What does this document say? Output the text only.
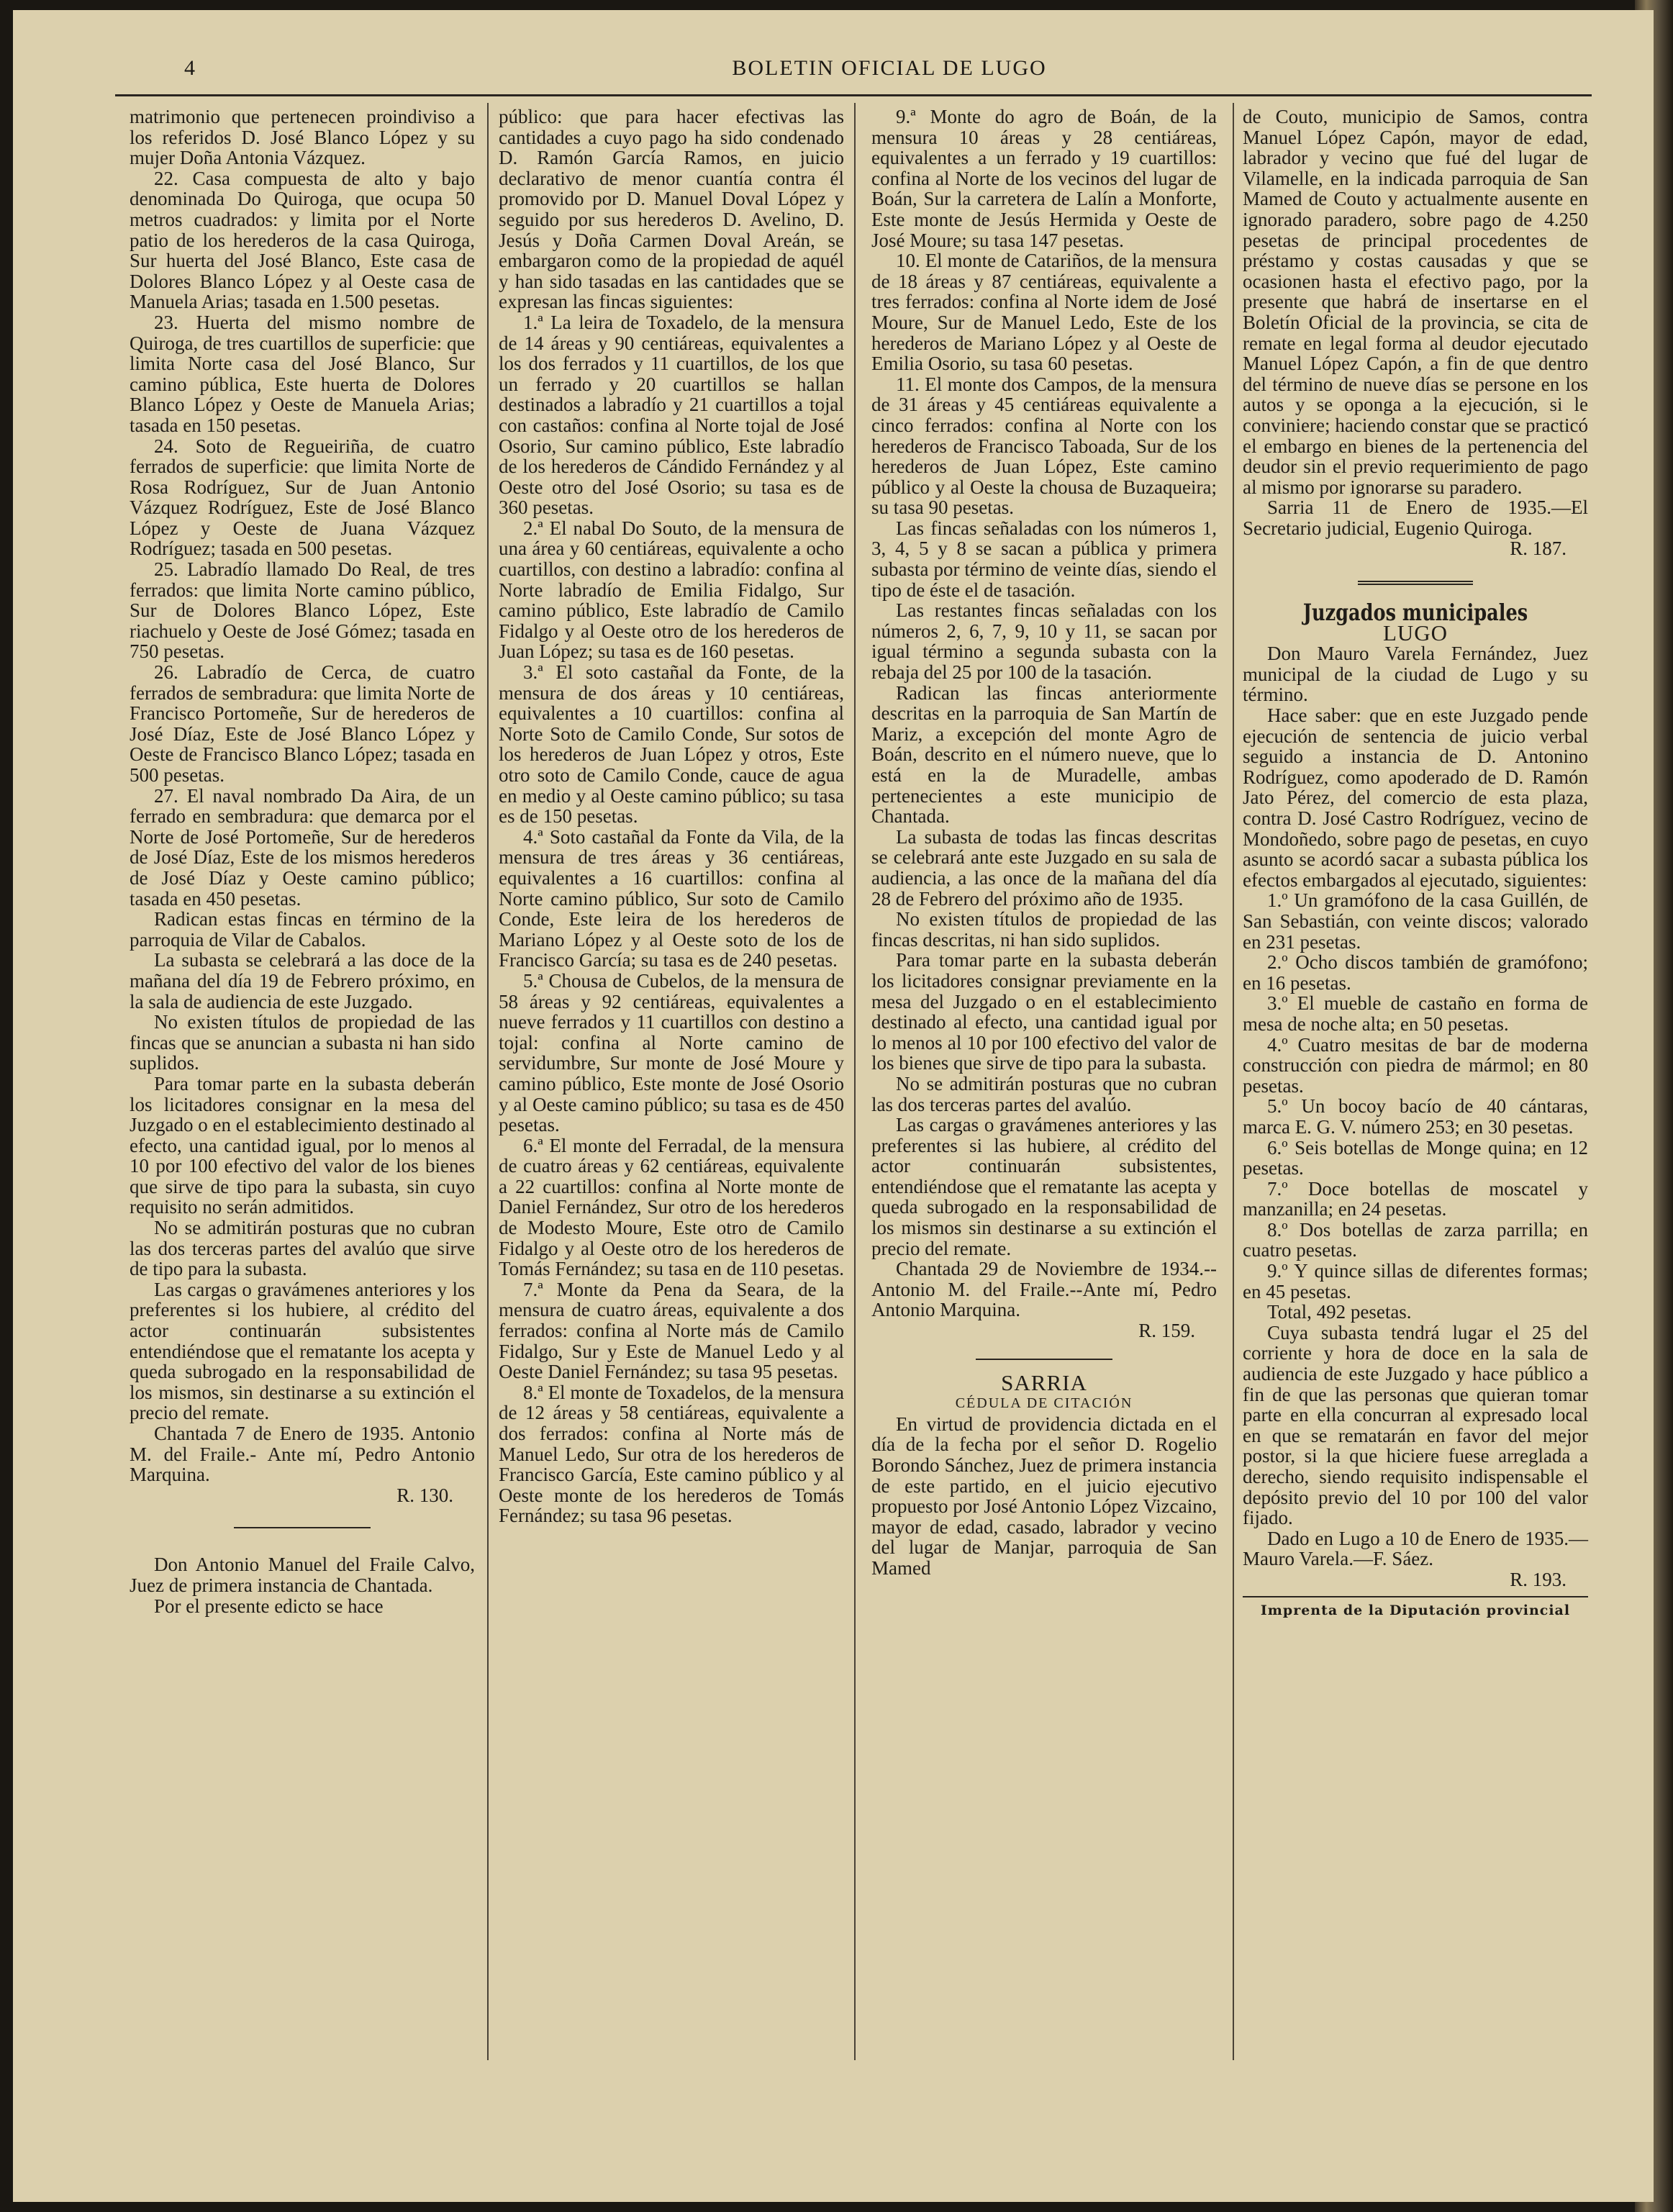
4	BOLETIN OFICIAL DE LUGO

matrimonio que pertenecen proindiviso a los referidos D. José Blanco López y su mujer Doña Antonia Vázquez.

22. Casa compuesta de alto y bajo denominada Do Quiroga, que ocupa 50 metros cuadrados: y limita por el Norte patio de los herederos de la casa Quiroga, Sur huerta del José Blanco, Este casa de Dolores Blanco López y al Oeste casa de Manuela Arias; tasada en 1.500 pesetas.

23. Huerta del mismo nombre de Quiroga, de tres cuartillos de superficie: que limita Norte casa del José Blanco, Sur camino pública, Este huerta de Dolores Blanco López y Oeste de Manuela Arias; tasada en 150 pesetas.

24. Soto de Regueiriña, de cuatro ferrados de superficie: que limita Norte de Rosa Rodríguez, Sur de Juan Antonio Vázquez Rodríguez, Este de José Blanco López y Oeste de Juana Vázquez Rodríguez; tasada en 500 pesetas.

25. Labradío llamado Do Real, de tres ferrados: que limita Norte camino público, Sur de Dolores Blanco López, Este riachuelo y Oeste de José Gómez; tasada en 750 pesetas.

26. Labradío de Cerca, de cuatro ferrados de sembradura: que limita Norte de Francisco Portomeñe, Sur de herederos de José Díaz, Este de José Blanco López y Oeste de Francisco Blanco López; tasada en 500 pesetas.

27. El naval nombrado Da Aira, de un ferrado en sembradura: que demarca por el Norte de José Portomeñe, Sur de herederos de José Díaz, Este de los mismos herederos de José Díaz y Oeste camino público; tasada en 450 pesetas.

Radican estas fincas en término de la parroquia de Vilar de Cabalos.

La subasta se celebrará a las doce de la mañana del día 19 de Febrero próximo, en la sala de audiencia de este Juzgado.

No existen títulos de propiedad de las fincas que se anuncian a subasta ni han sido suplidos.

Para tomar parte en la subasta deberán los licitadores consignar en la mesa del Juzgado o en el establecimiento destinado al efecto, una cantidad igual, por lo menos al 10 por 100 efectivo del valor de los bienes que sirve de tipo para la subasta, sin cuyo requisito no serán admitidos.

No se admitirán posturas que no cubran las dos terceras partes del avalúo que sirve de tipo para la subasta.

Las cargas o gravámenes anteriores y los preferentes si los hubiere, al crédito del actor continuarán subsistentes entendiéndose que el rematante los acepta y queda subrogado en la responsabilidad de los mismos, sin destinarse a su extinción el precio del remate.

Chantada 7 de Enero de 1935. Antonio M. del Fraile.- Ante mí, Pedro Antonio Marquina.

R. 130.

Don Antonio Manuel del Fraile Calvo, Juez de primera instancia de Chantada.

Por el presente edicto se hace

público: que para hacer efectivas las cantidades a cuyo pago ha sido condenado D. Ramón García Ramos, en juicio declarativo de menor cuantía contra él promovido por D. Manuel Doval López y seguido por sus herederos D. Avelino, D. Jesús y Doña Carmen Doval Areán, se embargaron como de la propiedad de aquél y han sido tasadas en las cantidades que se expresan las fincas siguientes:

1.ª La leira de Toxadelo, de la mensura de 14 áreas y 90 centiáreas, equivalentes a los dos ferrados y 11 cuartillos, de los que un ferrado y 20 cuartillos se hallan destinados a labradío y 21 cuartillos a tojal con castaños: confina al Norte tojal de José Osorio, Sur camino público, Este labradío de los herederos de Cándido Fernández y al Oeste otro del José Osorio; su tasa es de 360 pesetas.

2.ª El nabal Do Souto, de la mensura de una área y 60 centiáreas, equivalente a ocho cuartillos, con destino a labradío: confina al Norte labradío de Emilia Fidalgo, Sur camino público, Este labradío de Camilo Fidalgo y al Oeste otro de los herederos de Juan López; su tasa es de 160 pesetas.

3.ª El soto castañal da Fonte, de la mensura de dos áreas y 10 centiáreas, equivalentes a 10 cuartillos: confina al Norte Soto de Camilo Conde, Sur sotos de los herederos de Juan López y otros, Este otro soto de Camilo Conde, cauce de agua en medio y al Oeste camino público; su tasa es de 150 pesetas.

4.ª Soto castañal da Fonte da Vila, de la mensura de tres áreas y 36 centiáreas, equivalentes a 16 cuartillos: confina al Norte camino público, Sur soto de Camilo Conde, Este leira de los herederos de Mariano López y al Oeste soto de los de Francisco García; su tasa es de 240 pesetas.

5.ª Chousa de Cubelos, de la mensura de 58 áreas y 92 centiáreas, equivalentes a nueve ferrados y 11 cuartillos con destino a tojal: confina al Norte camino de servidumbre, Sur monte de José Moure y camino público, Este monte de José Osorio y al Oeste camino público; su tasa es de 450 pesetas.

6.ª El monte del Ferradal, de la mensura de cuatro áreas y 62 centiáreas, equivalente a 22 cuartillos: confina al Norte monte de Daniel Fernández, Sur otro de los herederos de Modesto Moure, Este otro de Camilo Fidalgo y al Oeste otro de los herederos de Tomás Fernández; su tasa en de 110 pesetas.

7.ª Monte da Pena da Seara, de la mensura de cuatro áreas, equivalente a dos ferrados: confina al Norte más de Camilo Fidalgo, Sur y Este de Manuel Ledo y al Oeste Daniel Fernández; su tasa 95 pesetas.

8.ª El monte de Toxadelos, de la mensura de 12 áreas y 58 centiáreas, equivalente a dos ferrados: confina al Norte más de Manuel Ledo, Sur otra de los herederos de Francisco García, Este camino público y al Oeste monte de los herederos de Tomás Fernández; su tasa 96 pesetas.

9.ª Monte do agro de Boán, de la mensura 10 áreas y 28 centiáreas, equivalentes a un ferrado y 19 cuartillos: confina al Norte de los vecinos del lugar de Boán, Sur la carretera de Lalín a Monforte, Este monte de Jesús Hermida y Oeste de José Moure; su tasa 147 pesetas.

10. El monte de Catariños, de la mensura de 18 áreas y 87 centiáreas, equivalente a tres ferrados: confina al Norte idem de José Moure, Sur de Manuel Ledo, Este de los herederos de Mariano López y al Oeste de Emilia Osorio, su tasa 60 pesetas.

11. El monte dos Campos, de la mensura de 31 áreas y 45 centiáreas equivalente a cinco ferrados: confina al Norte con los herederos de Francisco Taboada, Sur de los herederos de Juan López, Este camino público y al Oeste la chousa de Buzaqueira; su tasa 90 pesetas.

Las fincas señaladas con los números 1, 3, 4, 5 y 8 se sacan a pública y primera subasta por término de veinte días, siendo el tipo de éste el de tasación.

Las restantes fincas señaladas con los números 2, 6, 7, 9, 10 y 11, se sacan por igual término a segunda subasta con la rebaja del 25 por 100 de la tasación.

Radican las fincas anteriormente descritas en la parroquia de San Martín de Mariz, a excepción del monte Agro de Boán, descrito en el número nueve, que lo está en la de Muradelle, ambas pertenecientes a este municipio de Chantada.

La subasta de todas las fincas descritas se celebrará ante este Juzgado en su sala de audiencia, a las once de la mañana del día 28 de Febrero del próximo año de 1935.

No existen títulos de propiedad de las fincas descritas, ni han sido suplidos.

Para tomar parte en la subasta deberán los licitadores consignar previamente en la mesa del Juzgado o en el establecimiento destinado al efecto, una cantidad igual por lo menos al 10 por 100 efectivo del valor de los bienes que sirve de tipo para la subasta.

No se admitirán posturas que no cubran las dos terceras partes del avalúo.

Las cargas o gravámenes anteriores y las preferentes si las hubiere, al crédito del actor continuarán subsistentes, entendiéndose que el rematante las acepta y queda subrogado en la responsabilidad de los mismos sin destinarse a su extinción el precio del remate.

Chantada 29 de Noviembre de 1934.--Antonio M. del Fraile.--Ante mí, Pedro Antonio Marquina.

R. 159.

SARRIA

CÉDULA DE CITACIÓN

En virtud de providencia dictada en el día de la fecha por el señor D. Rogelio Borondo Sánchez, Juez de primera instancia de este partido, en el juicio ejecutivo propuesto por José Antonio López Vizcaino, mayor de edad, casado, labrador y vecino del lugar de Manjar, parroquia de San Mamed

de Couto, municipio de Samos, contra Manuel López Capón, mayor de edad, labrador y vecino que fué del lugar de Vilamelle, en la indicada parroquia de San Mamed de Couto y actualmente ausente en ignorado paradero, sobre pago de 4.250 pesetas de principal procedentes de préstamo y costas causadas y que se ocasionen hasta el efectivo pago, por la presente que habrá de insertarse en el Boletín Oficial de la provincia, se cita de remate en legal forma al deudor ejecutado Manuel López Capón, a fin de que dentro del término de nueve días se persone en los autos y se oponga a la ejecución, si le conviniere; haciendo constar que se practicó el embargo en bienes de la pertenencia del deudor sin el previo requerimiento de pago al mismo por ignorarse su paradero.

Sarria 11 de Enero de 1935.—El Secretario judicial, Eugenio Quiroga.

R. 187.

Juzgados municipales

LUGO

Don Mauro Varela Fernández, Juez municipal de la ciudad de Lugo y su término.

Hace saber: que en este Juzgado pende ejecución de sentencia de juicio verbal seguido a instancia de D. Antonino Rodríguez, como apoderado de D. Ramón Jato Pérez, del comercio de esta plaza, contra D. José Castro Rodríguez, vecino de Mondoñedo, sobre pago de pesetas, en cuyo asunto se acordó sacar a subasta pública los efectos embargados al ejecutado, siguientes:

1.º Un gramófono de la casa Guillén, de San Sebastián, con veinte discos; valorado en 231 pesetas.

2.º Ocho discos también de gramófono; en 16 pesetas.

3.º El mueble de castaño en forma de mesa de noche alta; en 50 pesetas.

4.º Cuatro mesitas de bar de moderna construcción con piedra de mármol; en 80 pesetas.

5.º Un bocoy bacío de 40 cántaras, marca E. G. V. número 253; en 30 pesetas.

6.º Seis botellas de Monge quina; en 12 pesetas.

7.º Doce botellas de moscatel y manzanilla; en 24 pesetas.

8.º Dos botellas de zarza parrilla; en cuatro pesetas.

9.º Y quince sillas de diferentes formas; en 45 pesetas.

Total, 492 pesetas.

Cuya subasta tendrá lugar el 25 del corriente y hora de doce en la sala de audiencia de este Juzgado y hace público a fin de que las personas que quieran tomar parte en ella concurran al expresado local en que se rematarán en favor del mejor postor, si la que hiciere fuese arreglada a derecho, siendo requisito indispensable el depósito previo del 10 por 100 del valor fijado.

Dado en Lugo a 10 de Enero de 1935.— Mauro Varela.—F. Sáez.

R. 193.

Imprenta de la Diputación provincial
